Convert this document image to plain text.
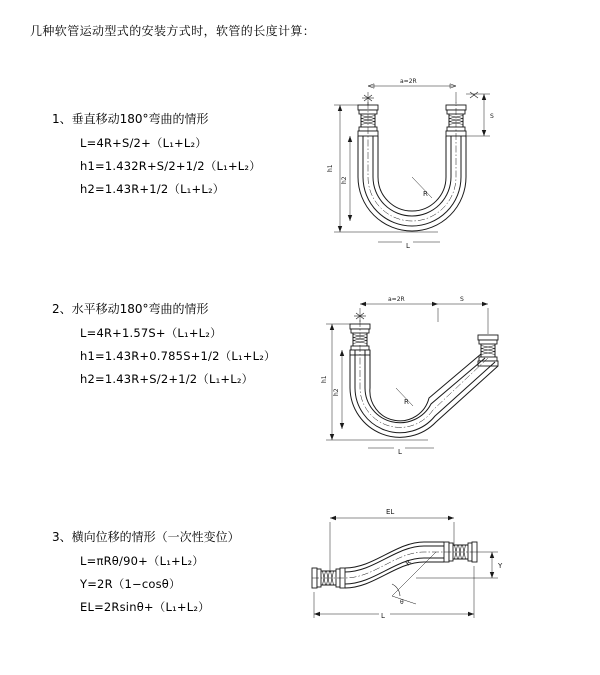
几种软管运动型式的安装方式时，软管的长度计算：
1、垂直移动180°弯曲的情形
L=4R+S/2+（L₁+L₂）
h1=1.432R+S/2+1/2（L₁+L₂）
h2=1.43R+1/2（L₁+L₂）
a=2R
R
h1
h2
S
L
2、水平移动180°弯曲的情形
L=4R+1.57S+（L₁+L₂）
h1=1.43R+0.785S+1/2（L₁+L₂）
h2=1.43R+S/2+1/2（L₁+L₂）
a=2R	S
R
h1
h2
L
3、横向位移的情形（一次性变位）
L=πRθ/90+（L₁+L₂）
Y=2R（1−cosθ）
EL=2Rsinθ+（L₁+L₂）
EL
R
θ
Y
L
